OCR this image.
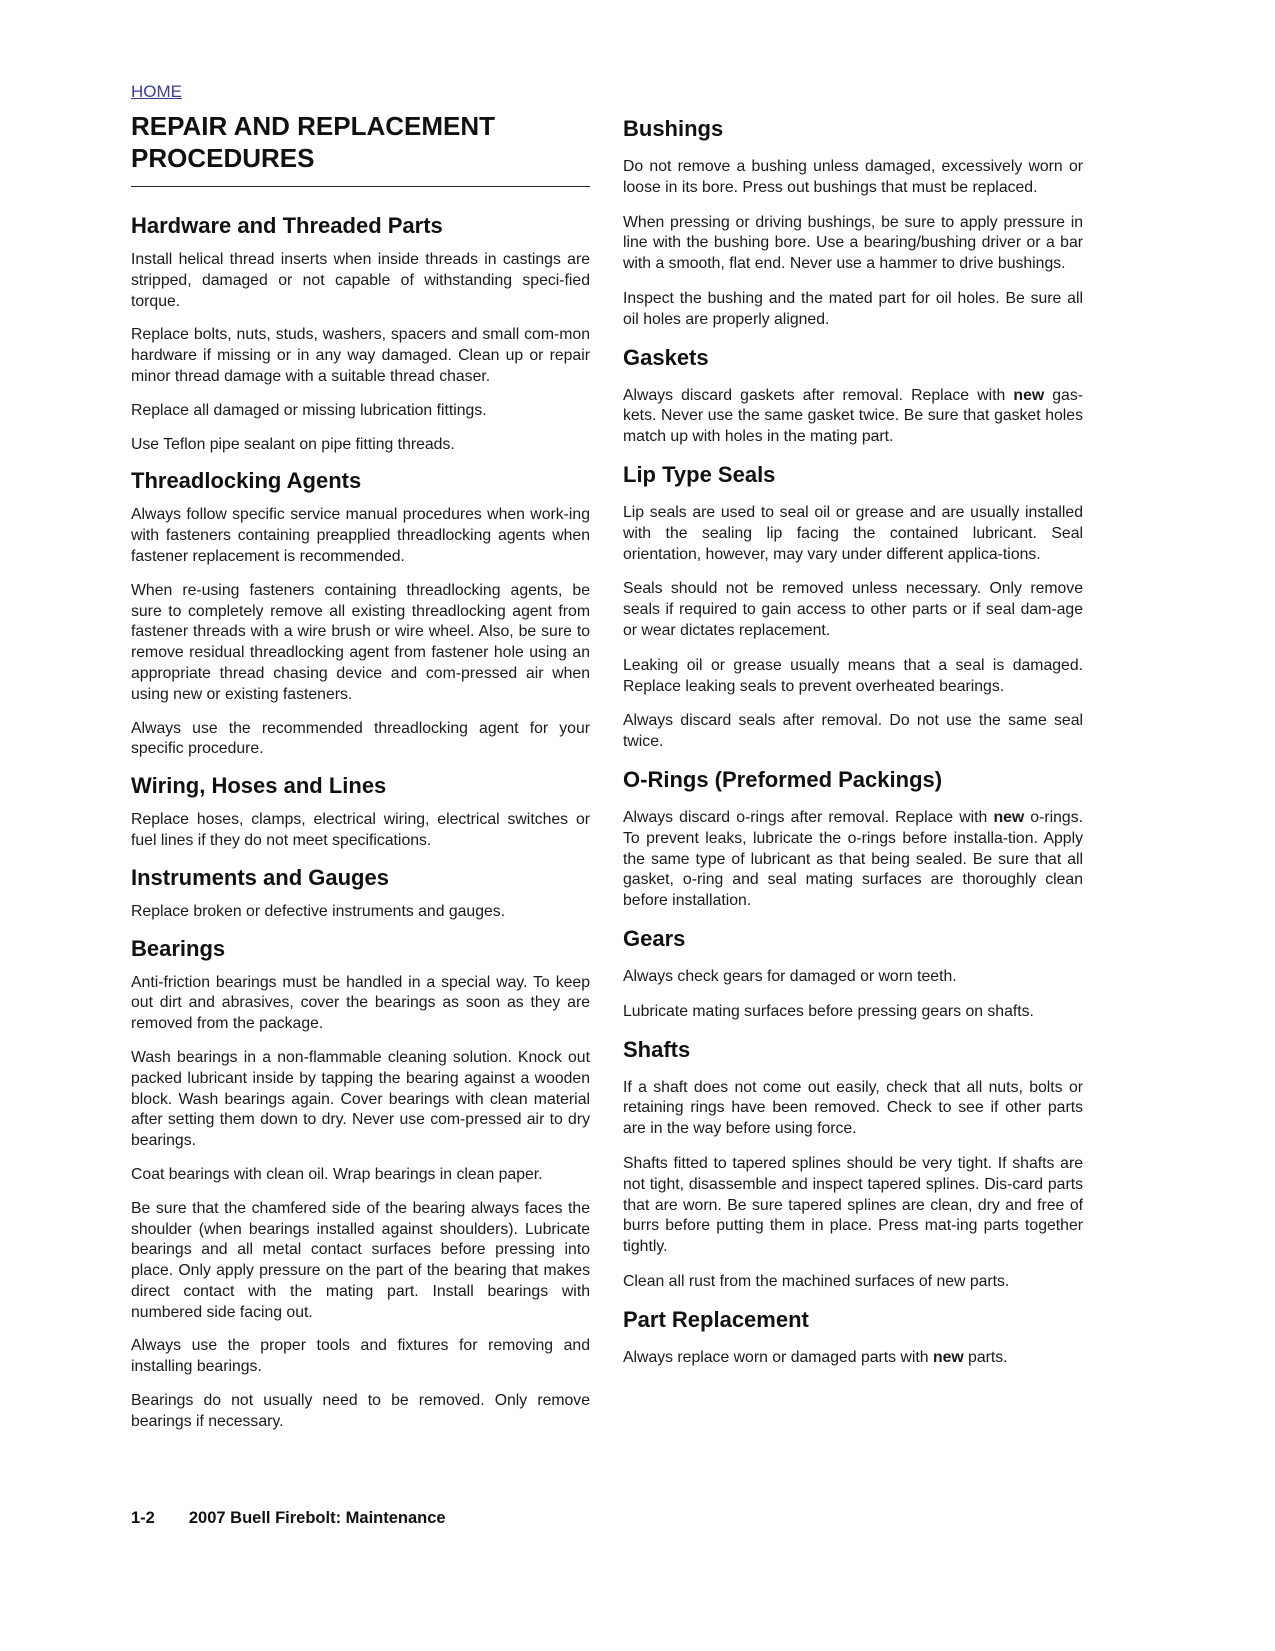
HOME
REPAIR AND REPLACEMENT
PROCEDURES
Hardware and Threaded Parts

Install helical thread inserts when inside threads in castings are stripped, damaged or not capable of withstanding speci-fied torque.

Replace bolts, nuts, studs, washers, spacers and small com-mon hardware if missing or in any way damaged. Clean up or repair minor thread damage with a suitable thread chaser.

Replace all damaged or missing lubrication fittings.

Use Teflon pipe sealant on pipe fitting threads.

Threadlocking Agents

Always follow specific service manual procedures when work-ing with fasteners containing preapplied threadlocking agents when fastener replacement is recommended.

When re-using fasteners containing threadlocking agents, be sure to completely remove all existing threadlocking agent from fastener threads with a wire brush or wire wheel. Also, be sure to remove residual threadlocking agent from fastener hole using an appropriate thread chasing device and com-pressed air when using new or existing fasteners.

Always use the recommended threadlocking agent for your specific procedure.

Wiring, Hoses and Lines

Replace hoses, clamps, electrical wiring, electrical switches or fuel lines if they do not meet specifications.

Instruments and Gauges

Replace broken or defective instruments and gauges.

Bearings

Anti-friction bearings must be handled in a special way. To keep out dirt and abrasives, cover the bearings as soon as they are removed from the package.

Wash bearings in a non-flammable cleaning solution. Knock out packed lubricant inside by tapping the bearing against a wooden block. Wash bearings again. Cover bearings with clean material after setting them down to dry. Never use com-pressed air to dry bearings.

Coat bearings with clean oil. Wrap bearings in clean paper.

Be sure that the chamfered side of the bearing always faces the shoulder (when bearings installed against shoulders). Lubricate bearings and all metal contact surfaces before pressing into place. Only apply pressure on the part of the bearing that makes direct contact with the mating part. Install bearings with numbered side facing out.

Always use the proper tools and fixtures for removing and installing bearings.

Bearings do not usually need to be removed. Only remove bearings if necessary.

Bushings

Do not remove a bushing unless damaged, excessively worn or loose in its bore. Press out bushings that must be replaced.

When pressing or driving bushings, be sure to apply pressure in line with the bushing bore. Use a bearing/bushing driver or a bar with a smooth, flat end. Never use a hammer to drive bushings.

Inspect the bushing and the mated part for oil holes. Be sure all oil holes are properly aligned.

Gaskets

Always discard gaskets after removal. Replace with new gas-kets. Never use the same gasket twice. Be sure that gasket holes match up with holes in the mating part.

Lip Type Seals

Lip seals are used to seal oil or grease and are usually installed with the sealing lip facing the contained lubricant. Seal orientation, however, may vary under different applica-tions.

Seals should not be removed unless necessary. Only remove seals if required to gain access to other parts or if seal dam-age or wear dictates replacement.

Leaking oil or grease usually means that a seal is damaged. Replace leaking seals to prevent overheated bearings.

Always discard seals after removal. Do not use the same seal twice.

O-Rings (Preformed Packings)

Always discard o-rings after removal. Replace with new o-rings. To prevent leaks, lubricate the o-rings before installa-tion. Apply the same type of lubricant as that being sealed. Be sure that all gasket, o-ring and seal mating surfaces are thoroughly clean before installation.

Gears

Always check gears for damaged or worn teeth.

Lubricate mating surfaces before pressing gears on shafts.

Shafts

If a shaft does not come out easily, check that all nuts, bolts or retaining rings have been removed. Check to see if other parts are in the way before using force.

Shafts fitted to tapered splines should be very tight. If shafts are not tight, disassemble and inspect tapered splines. Dis-card parts that are worn. Be sure tapered splines are clean, dry and free of burrs before putting them in place. Press mat-ing parts together tightly.

Clean all rust from the machined surfaces of new parts.

Part Replacement

Always replace worn or damaged parts with new parts.

1-2 2007 Buell Firebolt: Maintenance
